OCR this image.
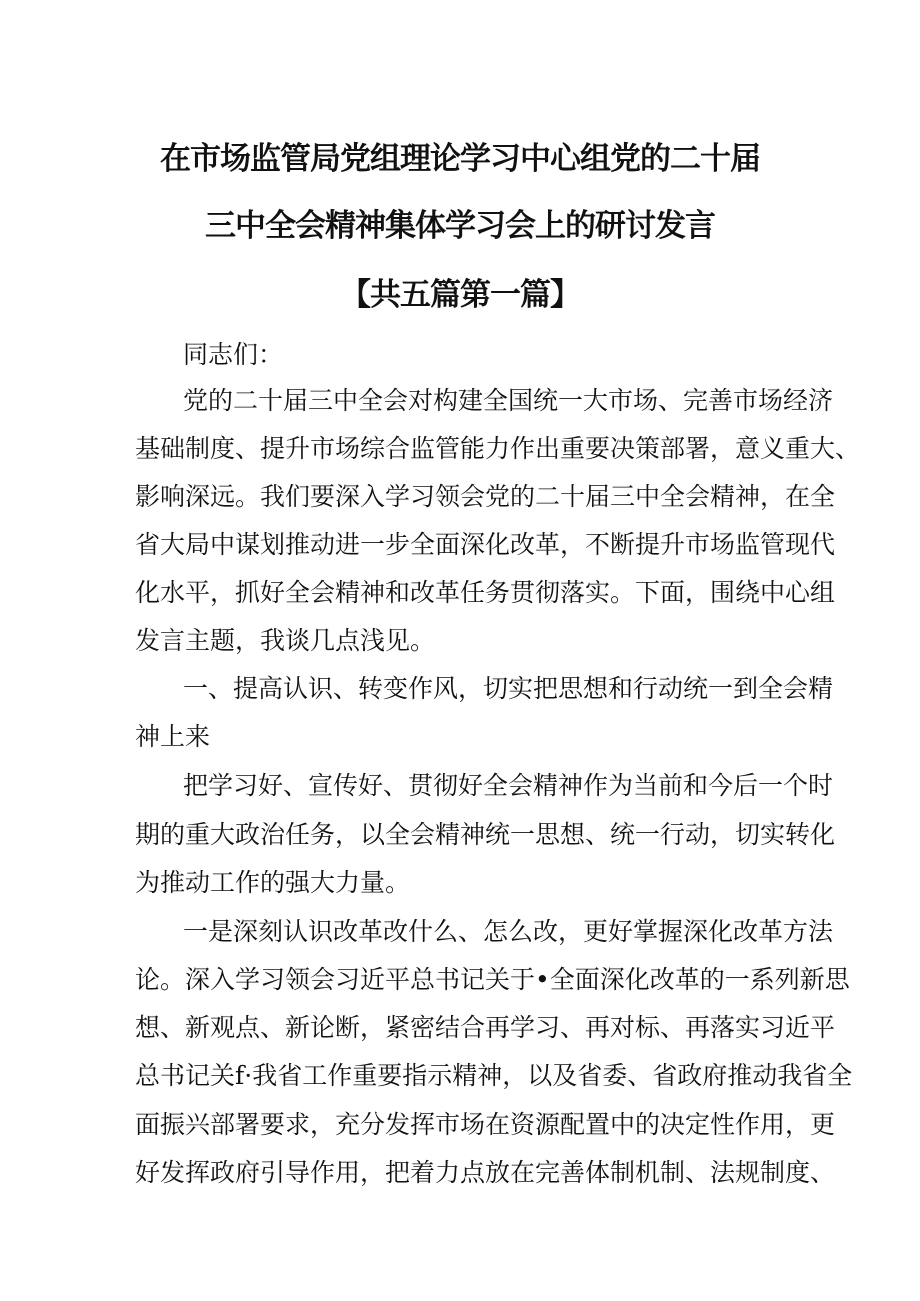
在市场监管局党组理论学习中心组党的二十届
三中全会精神集体学习会上的研讨发言
【共五篇第一篇】

同志们：

党的二十届三中全会对构建全国统一大市场、完善市场经济

基础制度、提升市场综合监管能力作出重要决策部署，意义重大、

影响深远。我们要深入学习领会党的二十届三中全会精神，在全

省大局中谋划推动进一步全面深化改革，不断提升市场监管现代

化水平，抓好全会精神和改革任务贯彻落实。下面，围绕中心组

发言主题，我谈几点浅见。

一、提高认识、转变作风，切实把思想和行动统一到全会精

神上来

把学习好、宣传好、贯彻好全会精神作为当前和今后一个时

期的重大政治任务，以全会精神统一思想、统一行动，切实转化

为推动工作的强大力量。

一是深刻认识改革改什么、怎么改，更好掌握深化改革方法

论。深入学习领会习近平总书记关于•全面深化改革的一系列新思

想、新观点、新论断，紧密结合再学习、再对标、再落实习近平

总书记关f·我省工作重要指示精神，以及省委、省政府推动我省全

面振兴部署要求，充分发挥市场在资源配置中的决定性作用，更

好发挥政府引导作用，把着力点放在完善体制机制、法规制度、
